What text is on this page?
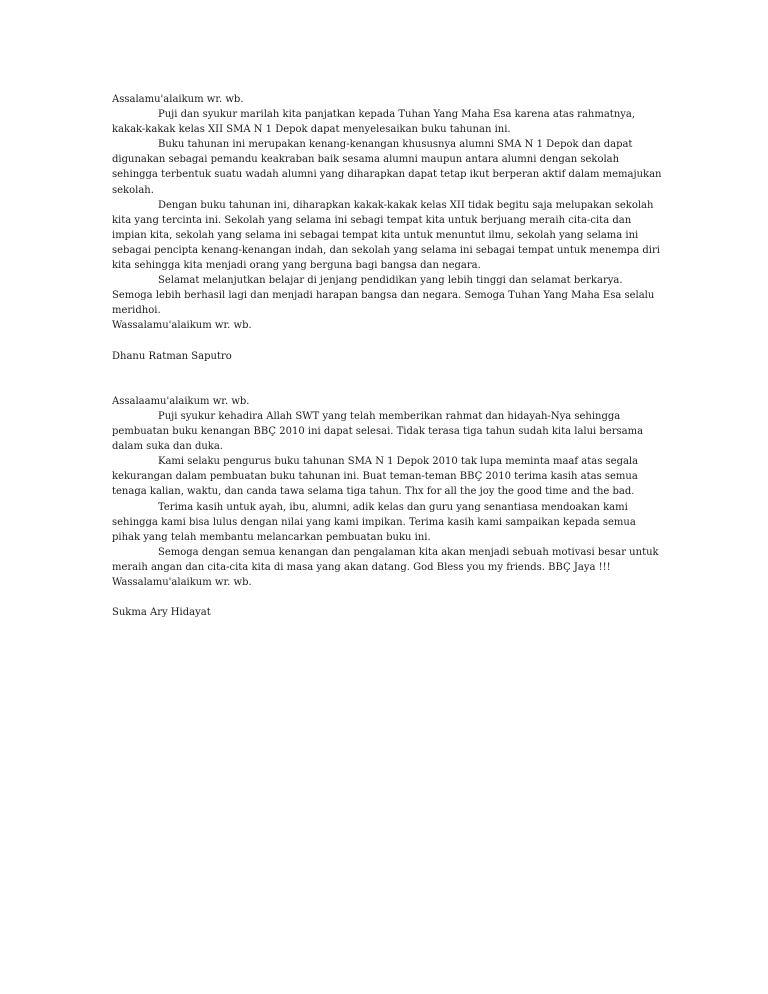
Assalamu'alaikum wr. wb.
Puji dan syukur marilah kita panjatkan kepada Tuhan Yang Maha Esa karena atas rahmatnya,
kakak-kakak kelas XII SMA N 1 Depok dapat menyelesaikan buku tahunan ini.
Buku tahunan ini merupakan kenang-kenangan khususnya alumni SMA N 1 Depok dan dapat
digunakan sebagai pemandu keakraban baik sesama alumni maupun antara alumni dengan sekolah
sehingga terbentuk suatu wadah alumni yang diharapkan dapat tetap ikut berperan aktif dalam memajukan
sekolah.
Dengan buku tahunan ini, diharapkan kakak-kakak kelas XII tidak begitu saja melupakan sekolah
kita yang tercinta ini. Sekolah yang selama ini sebagi tempat kita untuk berjuang meraih cita-cita dan
impian kita, sekolah yang selama ini sebagai tempat kita untuk menuntut ilmu, sekolah yang selama ini
sebagai pencipta kenang-kenangan indah, dan sekolah yang selama ini sebagai tempat untuk menempa diri
kita sehingga kita menjadi orang yang berguna bagi bangsa dan negara.
Selamat melanjutkan belajar di jenjang pendidikan yang lebih tinggi dan selamat berkarya.
Semoga lebih berhasil lagi dan menjadi harapan bangsa dan negara. Semoga Tuhan Yang Maha Esa selalu
meridhoi.
Wassalamu'alaikum wr. wb.
Dhanu Ratman Saputro
Assalaamu'alaikum wr. wb.
Puji syukur kehadira Allah SWT yang telah memberikan rahmat dan hidayah-Nya sehingga
pembuatan buku kenangan BBÇ 2010 ini dapat selesai. Tidak terasa tiga tahun sudah kita lalui bersama
dalam suka dan duka.
Kami selaku pengurus buku tahunan SMA N 1 Depok 2010 tak lupa meminta maaf atas segala
kekurangan dalam pembuatan buku tahunan ini. Buat teman-teman BBÇ 2010 terima kasih atas semua
tenaga kalian, waktu, dan canda tawa selama tiga tahun. Thx for all the joy the good time and the bad.
Terima kasih untuk ayah, ibu, alumni, adik kelas dan guru yang senantiasa mendoakan kami
sehingga kami bisa lulus dengan nilai yang kami impikan. Terima kasih kami sampaikan kepada semua
pihak yang telah membantu melancarkan pembuatan buku ini.
Semoga dengan semua kenangan dan pengalaman kita akan menjadi sebuah motivasi besar untuk
meraih angan dan cita-cita kita di masa yang akan datang. God Bless you my friends. BBÇ Jaya !!!
Wassalamu'alaikum wr. wb.
Sukma Ary Hidayat
